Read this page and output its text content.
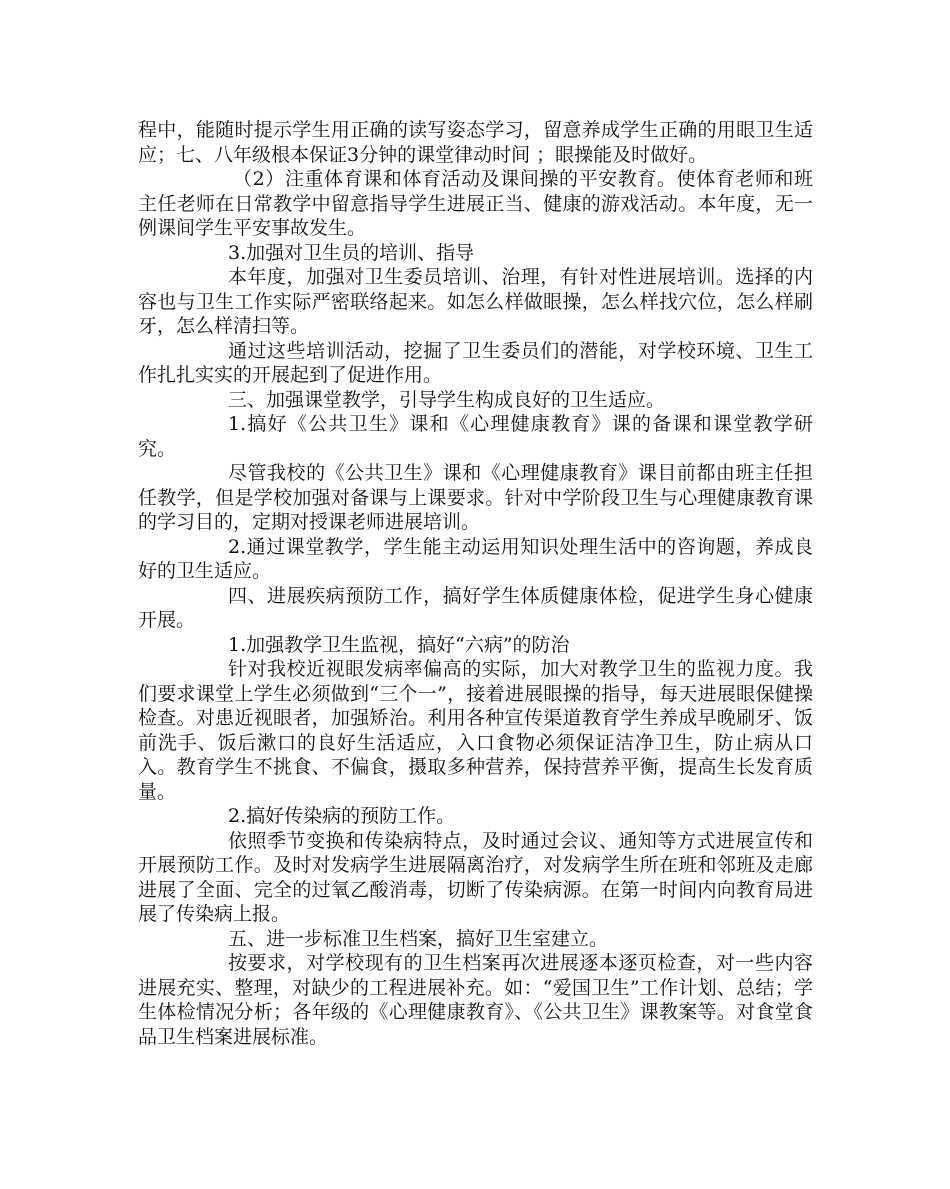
程中，能随时提示学生用正确的读写姿态学习，留意养成学生正确的用眼卫生适应；七、八年级根本保证3分钟的课堂律动时间 ；眼操能及时做好。

（2）注重体育课和体育活动及课间操的平安教育。使体育老师和班主任老师在日常教学中留意指导学生进展正当、健康的游戏活动。本年度，无一例课间学生平安事故发生。

3.加强对卫生员的培训、指导

本年度，加强对卫生委员培训、治理，有针对性进展培训。选择的内容也与卫生工作实际严密联络起来。如怎么样做眼操，怎么样找穴位，怎么样刷牙，怎么样清扫等。

通过这些培训活动，挖掘了卫生委员们的潜能，对学校环境、卫生工作扎扎实实的开展起到了促进作用。

三、加强课堂教学，引导学生构成良好的卫生适应。

1.搞好《公共卫生》课和《心理健康教育》课的备课和课堂教学研究。

尽管我校的《公共卫生》课和《心理健康教育》课目前都由班主任担任教学，但是学校加强对备课与上课要求。针对中学阶段卫生与心理健康教育课的学习目的，定期对授课老师进展培训。

2.通过课堂教学，学生能主动运用知识处理生活中的咨询题，养成良好的卫生适应。

四、进展疾病预防工作，搞好学生体质健康体检，促进学生身心健康开展。

1.加强教学卫生监视，搞好“六病”的防治

针对我校近视眼发病率偏高的实际，加大对教学卫生的监视力度。我们要求课堂上学生必须做到“三个一”，接着进展眼操的指导，每天进展眼保健操检查。对患近视眼者，加强矫治。利用各种宣传渠道教育学生养成早晚刷牙、饭前洗手、饭后漱口的良好生活适应，入口食物必须保证洁净卫生，防止病从口入。教育学生不挑食、不偏食，摄取多种营养，保持营养平衡，提高生长发育质量。

2.搞好传染病的预防工作。

依照季节变换和传染病特点，及时通过会议、通知等方式进展宣传和开展预防工作。及时对发病学生进展隔离治疗，对发病学生所在班和邻班及走廊进展了全面、完全的过氧乙酸消毒，切断了传染病源。在第一时间内向教育局进展了传染病上报。

五、进一步标准卫生档案，搞好卫生室建立。

按要求，对学校现有的卫生档案再次进展逐本逐页检查，对一些内容进展充实、整理，对缺少的工程进展补充。如：“爱国卫生”工作计划、总结；学生体检情况分析；各年级的《心理健康教育》、《公共卫生》课教案等。对食堂食品卫生档案进展标准。
